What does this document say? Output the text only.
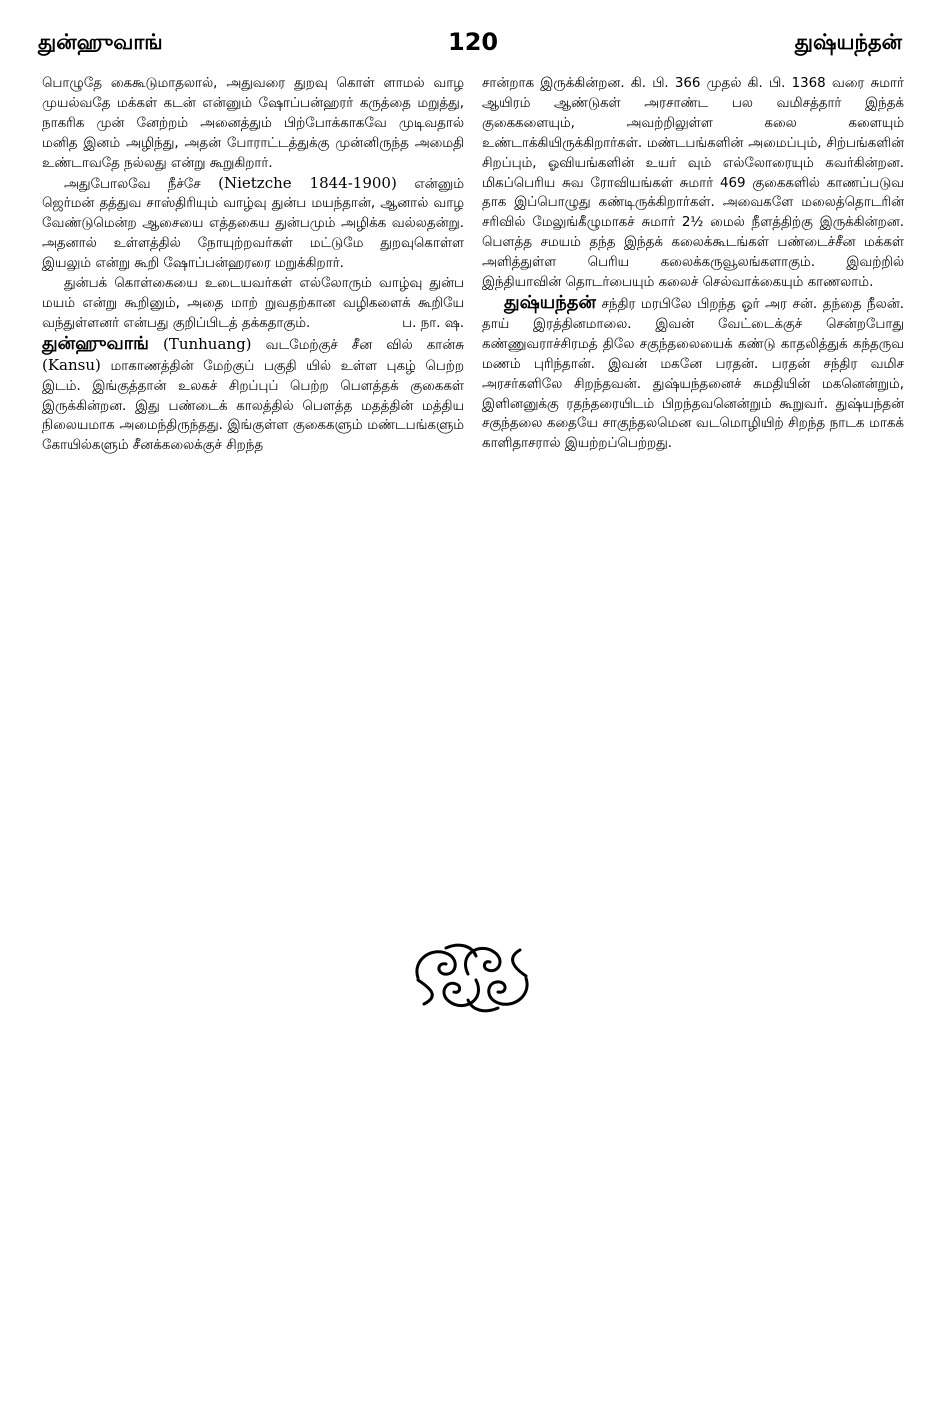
துன்ஹுவாங்	120	துஷ்யந்தன்

பொழுதே கைகூடுமாதலால், அதுவரை துறவு கொள் ளாமல் வாழ முயல்வதே மக்கள் கடன் என்னும் ஷோப்பன்ஹரர் கருத்தை மறுத்து, நாகரிக முன் னேற்றம் அனைத்தும் பிற்போக்காகவே முடிவதால் மனித இனம் அழிந்து, அதன் போராட்டத்துக்கு முன்னிருந்த அமைதி உண்டாவதே நல்லது என்று கூறுகிறார்.

அதுபோலவே நீச்சே (Nietzche 1844-1900) என்னும் ஜெர்மன் தத்துவ சாஸ்திரியும் வாழ்வு துன்ப மயந்தான், ஆனால் வாழ வேண்டுமென்ற ஆசையை எத்தகைய துன்பமும் அழிக்க வல்லதன்று. அதனால் உள்ளத்தில் நோயுற்றவர்கள் மட்டுமே துறவுகொள்ள இயலும் என்று கூறி ஷோப்பன்ஹரரை மறுக்கிறார்.

துன்பக் கொள்கையை உடையவர்கள் எல்லோரும் வாழ்வு துன்ப மயம் என்று கூறினும், அதை மாற் றுவதற்கான வழிகளைக் கூறியே வந்துள்ளனர் என்பது குறிப்பிடத் தக்கதாகும்.	ப. நா. ஷ.

துன்ஹுவாங் (Tunhuang) வடமேற்குச் சீன வில் கான்சு (Kansu) மாகாணத்தின் மேற்குப் பகுதி யில் உள்ள புகழ் பெற்ற இடம். இங்குத்தான் உலகச் சிறப்புப் பெற்ற பௌத்தக் குகைகள் இருக்கின்றன. இது பண்டைக் காலத்தில் பௌத்த மதத்தின் மத்திய நிலையமாக அமைந்திருந்தது. இங்குள்ள குகைகளும் மண்டபங்களும் கோயில்களும் சீனக்கலைக்குச் சிறந்த

சான்றாக இருக்கின்றன. கி. பி. 366 முதல் கி. பி. 1368 வரை சுமார் ஆயிரம் ஆண்டுகள் அரசாண்ட பல வமிசத்தார் இந்தக் குகைகளையும், அவற்றிலுள்ள கலை களையும் உண்டாக்கியிருக்கிறார்கள். மண்டபங்களின் அமைப்பும், சிற்பங்களின் சிறப்பும், ஓவியங்களின் உயர் வும் எல்லோரையும் கவர்கின்றன. மிகப்பெரிய சுவ ரோவியங்கள் சுமார் 469 குகைகளில் காணப்படுவ தாக இப்பொழுது கண்டிருக்கிறார்கள். அவைகளே மலைத்தொடரின் சரிவில் மேலுங்கீழுமாகச் சுமார் 2½ மைல் நீளத்திற்கு இருக்கின்றன. பௌத்த சமயம் தந்த இந்தக் கலைக்கூடங்கள் பண்டைச்சீன மக்கள் அளித்துள்ள பெரிய கலைக்கருவூலங்களாகும். இவற்றில் இந்தியாவின் தொடர்பையும் கலைச் செல்வாக்கையும் காணலாம்.

துஷ்யந்தன் சந்திர மரபிலே பிறந்த ஓர் அர சன். தந்தை நீலன். தாய் இரத்தினமாலை. இவன் வேட்டைக்குச் சென்றபோது கண்ணுவராச்சிரமத் திலே சகுந்தலையைக் கண்டு காதலித்துக் கந்தருவ மணம் புரிந்தான். இவன் மகனே பரதன். பரதன் சந்திர வமிச அரசர்களிலே சிறந்தவன். துஷ்யந்தனைச் சுமதியின் மகனென்றும், இளினனுக்கு ரதந்தரையிடம் பிறந்தவனென்றும் கூறுவர். துஷ்யந்தன் சகுந்தலை கதையே சாகுந்தலமென வடமொழியிற் சிறந்த நாடக மாகக் காளிதாசரால் இயற்றப்பெற்றது.
